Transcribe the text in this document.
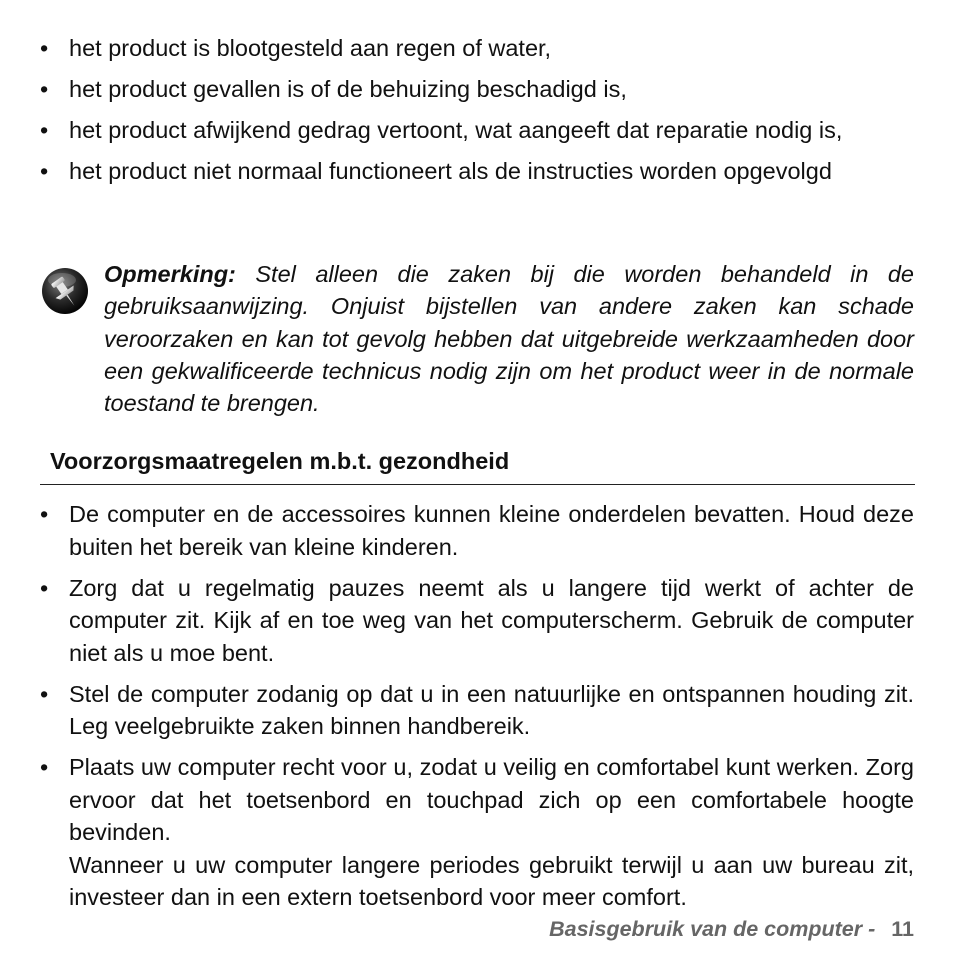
• het product is blootgesteld aan regen of water,
• het product gevallen is of de behuizing beschadigd is,
• het product afwijkend gedrag vertoont, wat aangeeft dat reparatie nodig is,
• het product niet normaal functioneert als de instructies worden opgevolgd
Opmerking: Stel alleen die zaken bij die worden behandeld in de gebruiksaanwijzing. Onjuist bijstellen van andere zaken kan schade veroorzaken en kan tot gevolg hebben dat uitgebreide werkzaamheden door een gekwalificeerde technicus nodig zijn om het product weer in de normale toestand te brengen.
Voorzorgsmaatregelen m.b.t. gezondheid
• De computer en de accessoires kunnen kleine onderdelen bevatten. Houd deze buiten het bereik van kleine kinderen.
• Zorg dat u regelmatig pauzes neemt als u langere tijd werkt of achter de computer zit. Kijk af en toe weg van het computerscherm. Gebruik de computer niet als u moe bent.
• Stel de computer zodanig op dat u in een natuurlijke en ontspannen houding zit. Leg veelgebruikte zaken binnen handbereik.
• Plaats uw computer recht voor u, zodat u veilig en comfortabel kunt werken. Zorg ervoor dat het toetsenbord en touchpad zich op een comfortabele hoogte bevinden.
Wanneer u uw computer langere periodes gebruikt terwijl u aan uw bureau zit, investeer dan in een extern toetsenbord voor meer comfort.
Basisgebruik van de computer - 11
